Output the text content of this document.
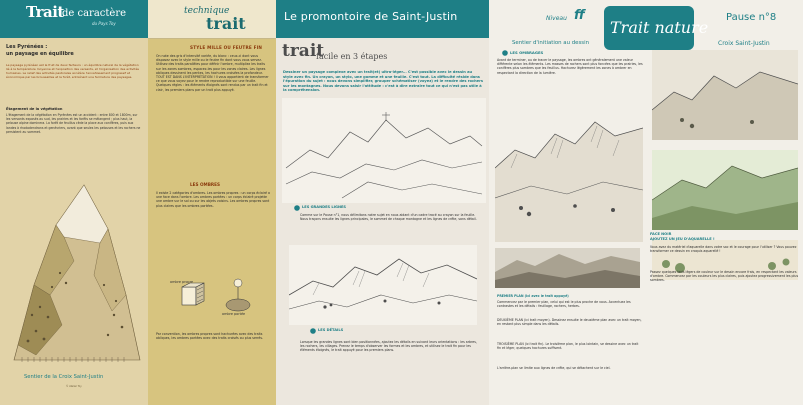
Trait
de caractère
du Pays Toy
Les Pyrénées :
un paysage en équilibre
Le paysage pyrénéen est le fruit de deux facteurs : un équilibre naturel de la végétation lié à la température moyenne et l'exposition des versants, et l'organisation des activités humaines. Le relief des activités pastorales accélère l'envahissement progressif et économique par les broussailles et la forêt, entraînant une fermeture des paysages.
Étagement de la végétation
L'étagement de la végétation en Pyrénées est un accident : entre 800 et 1800m, sur les versants exposés au sud, les prairies et les forêts se mélangent ; plus haut, la pelouse alpine dominera. La forêt de feuillus cède la place aux conifères, puis aux landes à rhododendrons et genévriers, avant que seules les pelouses et les rochers ne persistent au sommet.
Sentier de la Croix Saint-Justin
© Atelier Toy
technique
trait
STYLE MILLE OU FEUTRE FIN
On note des gris d'intensité variée, du blanc : ceux-ci dont vous disposez avec le style mille ou le feutre fin dont vous vous servez. Utilisez des traits parallèles pour définir l'ombre, multipliez les traits sur les zones sombres, espacez-les pour les zones claires. Les lignes obliques dessinent les pentes, les hachures croisées la profondeur. TOUT EST DANS L'INTERPRÉTATION ! Il vous appartient de transformer ce que vous voyez pour le rendre reproductible sur une feuille. Quelques règles : les éléments éloignés sont rendus par un trait fin et clair, les premiers plans par un trait plus appuyé.
LES OMBRES
Il existe 2 catégories d'ombres. Les ombres propres : un corps éclairé a une face dans l'ombre. Les ombres portées : un corps éclairé projette une ombre sur le sol ou sur les objets voisins. Les ombres propres sont plus claires que les ombres portées.
ombre propre
ombre portée
Par convention, les ombres propres sont hachurées avec des traits obliques, les ombres portées avec des traits croisés ou plus serrés.
Le promontoire de Saint-Justin
trait
facile en 3 étapes
Dessiner un paysage complexe avec un trait(et) ultra-léger... C'est possible avec le dessin au style avec fin. Un crayon, un stylo, une gomme et une feuille. C'est tout. La difficulté réside dans l'épuration du sujet : nous devons simplifier, grouper schématiser (voyez) et le rendre des rochers sur les montagnes. Nous devons saisir l'attitude : c'est à dire extraire tout ce qui n'est pas utile à la compréhension.
LES GRANDES LIGNES
Comme sur le Pause n°1, nous délimitons notre sujet en nous aidant d'un cadre tracé au crayon sur la feuille. Nous traçons ensuite les lignes principales, le sommet de chaque montagne et les lignes de crête, sans détail.
LES DÉTAILS
Lorsque les grandes lignes sont bien positionnées, ajoutez les détails en suivant leurs orientations : les arbres, les rochers, les villages. Prenez le temps d'observer les formes et les ombres, et utilisez le trait fin pour les éléments éloignés, le trait appuyé pour les premiers plans.
Niveau ff
Sentier d'initiation au dessin
LES OMBRAGES
Avant de terminer, ou de tracer le paysage, les ombres ont généralement une valeur différente selon les éléments. Les masses de rochers sont plus foncées que les prairies, les conifères plus sombres que les feuillus. Hachurez légèrement les zones à ombrer en respectant la direction de la lumière.
PREMIER PLAN (ici avec le trait appuyé)
Commencez par le premier plan, celui qui est le plus proche de vous. Accentuez les contrastes et les détails : feuillage, rochers, herbes.
DEUXIÈME PLAN (ici trait moyen). Dessinez ensuite le deuxième plan avec un trait moyen, en restant plus simple dans les détails.
TROISIÈME PLAN (ici trait fin). Le troisième plan, le plus lointain, se dessine avec un trait fin et léger, quelques hachures suffisent.
L'arrière-plan se limite aux lignes de crête, qui se détachent sur le ciel.
Trait nature
Pause n°8
Croix Saint-Justin
FACE NOIR
AJOUTEZ UN JEU D'AQUARELLE !
Vous avez du matériel d'aquarelle dans votre sac et le courage pour l'utiliser ? Vous pouvez transformer ce dessin en croquis aquarellé !
Passez quelques lavis légers de couleur sur le dessin encore frais, en respectant les valeurs d'ombre. Commencez par les couleurs les plus claires, puis ajoutez progressivement les plus sombres.
